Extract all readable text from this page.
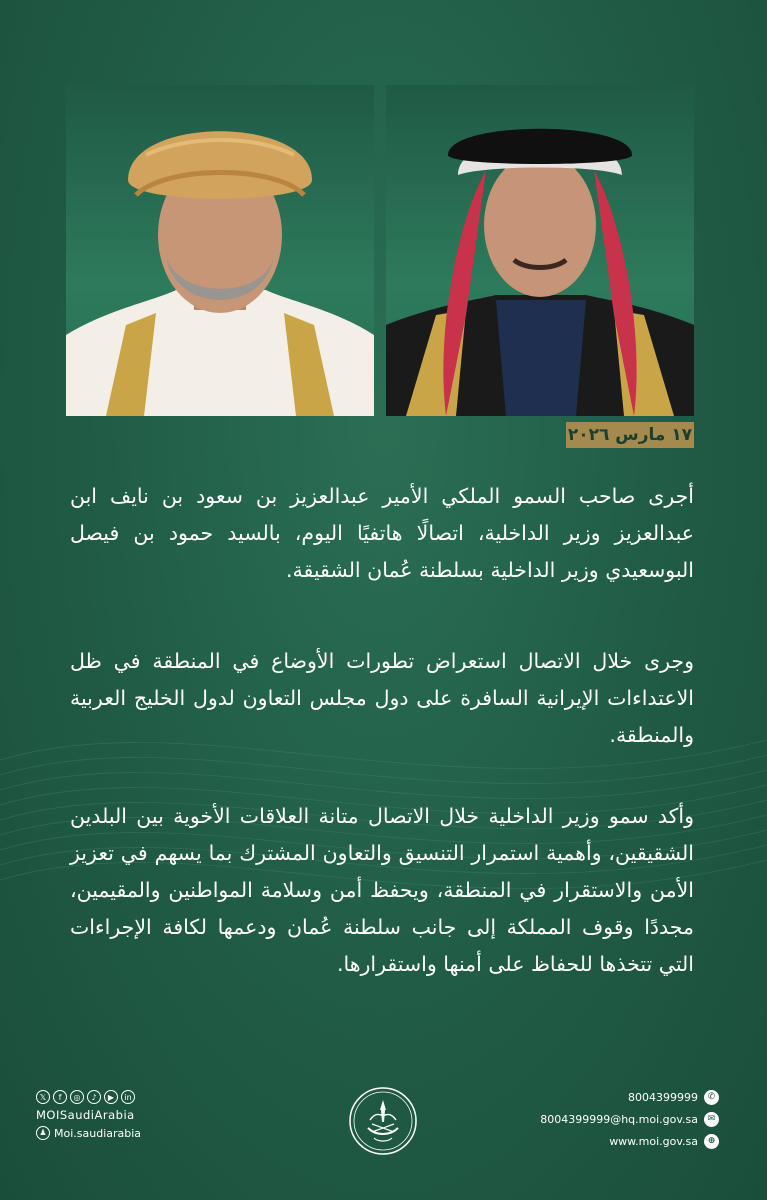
١٧ مارس ٢٠٢٦

أجرى صاحب السمو الملكي الأمير عبدالعزيز بن سعود بن نايف ابن عبدالعزيز وزير الداخلية، اتصالًا هاتفيًا اليوم، بالسيد حمود بن فيصل البوسعيدي وزير الداخلية بسلطنة عُمان الشقيقة.

وجرى خلال الاتصال استعراض تطورات الأوضاع في المنطقة في ظل الاعتداءات الإيرانية السافرة على دول مجلس التعاون لدول الخليج العربية والمنطقة.

وأكد سمو وزير الداخلية خلال الاتصال متانة العلاقات الأخوية بين البلدين الشقيقين، وأهمية استمرار التنسيق والتعاون المشترك بما يسهم في تعزيز الأمن والاستقرار في المنطقة، ويحفظ أمن وسلامة المواطنين والمقيمين، مجددًا وقوف المملكة إلى جانب سلطنة عُمان ودعمها لكافة الإجراءات التي تتخذها للحفاظ على أمنها واستقرارها.

𝕏	f	◎	♪	▶	in
MOISaudiArabia
♟ Moi.saudiarabia
8004399999	✆
8004399999@hq.moi.gov.sa	✉
www.moi.gov.sa	⊕
